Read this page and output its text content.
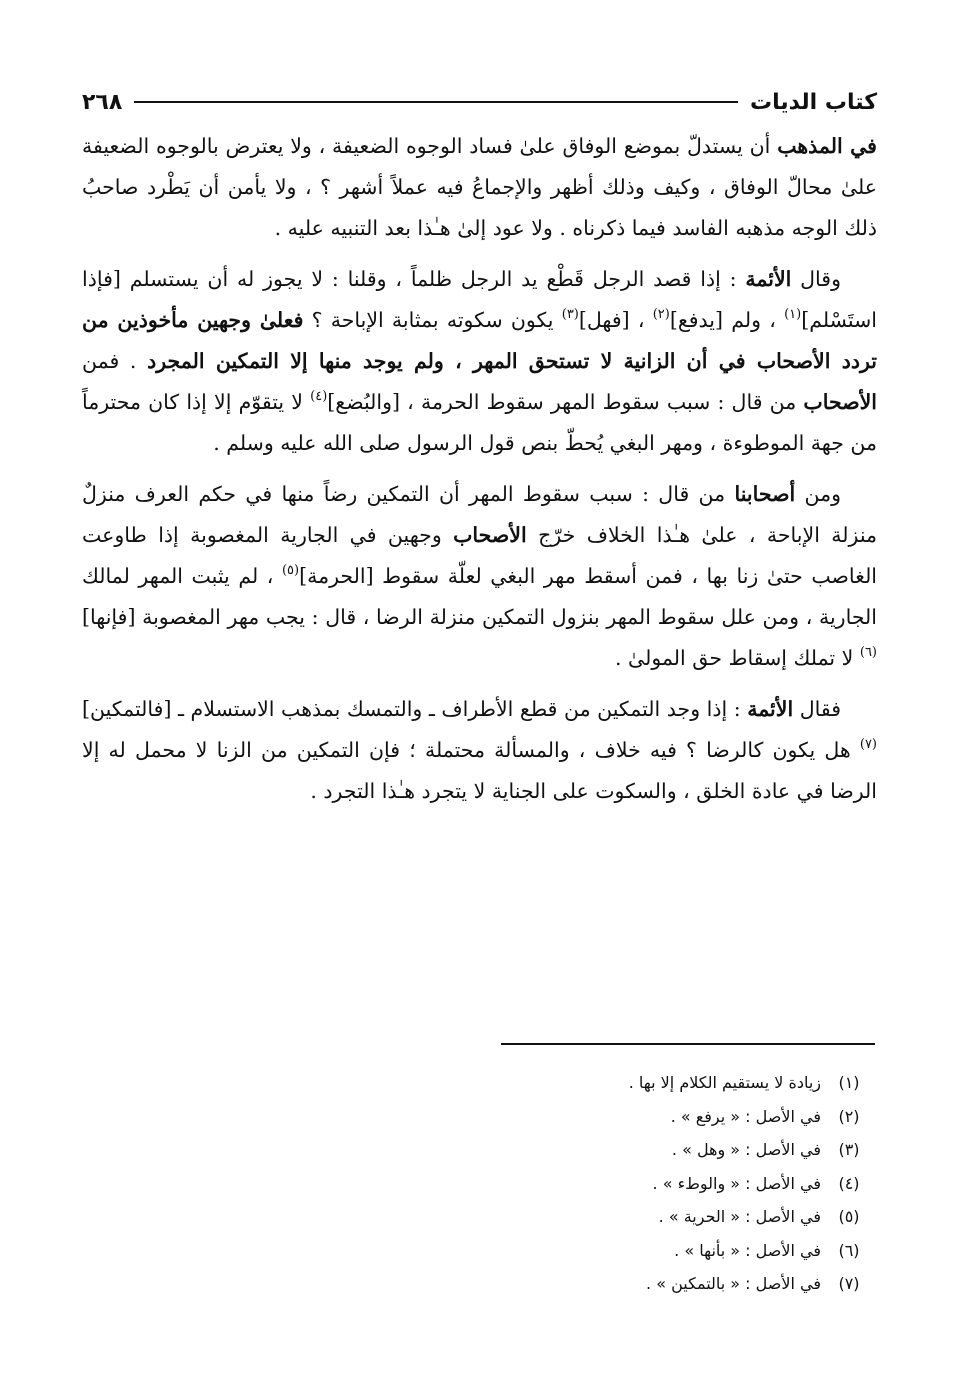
كتاب الديات
٢٦٨

في المذهب أن يستدلّ بموضع الوفاق علىٰ فساد الوجوه الضعيفة ، ولا يعترض بالوجوه الضعيفة علىٰ محالّ الوفاق ، وكيف وذلك أظهر والإجماعُ فيه عملاً أشهر ؟ ، ولا يأمن أن يَطْرد صاحبُ ذلك الوجه مذهبه الفاسد فيما ذكرناه . ولا عود إلىٰ هـٰذا بعد التنبيه عليه .

وقال الأئمة : إذا قصد الرجل قَطْع يد الرجل ظلماً ، وقلنا : لا يجوز له أن يستسلم [فإذا استَسْلم]$^{(١)}$ ، ولم [يدفع]$^{(٢)}$ ، [فهل]$^{(٣)}$ يكون سكوته بمثابة الإباحة ؟ فعلىٰ وجهين مأخوذين من تردد الأصحاب في أن الزانية لا تستحق المهر ، ولم يوجد منها إلا التمكين المجرد . فمن الأصحاب من قال : سبب سقوط المهر سقوط الحرمة ، [والبُضع]$^{(٤)}$ لا يتقوّم إلا إذا كان محترماً من جهة الموطوءة ، ومهر البغي يُحطّ بنص قول الرسول صلى الله عليه وسلم .

ومن أصحابنا من قال : سبب سقوط المهر أن التمكين رضاً منها في حكم العرف منزلٌ منزلة الإباحة ، علىٰ هـٰذا الخلاف خرّج الأصحاب وجهين في الجارية المغصوبة إذا طاوعت الغاصب حتىٰ زنا بها ، فمن أسقط مهر البغي لعلّة سقوط [الحرمة]$^{(٥)}$ ، لم يثبت المهر لمالك الجارية ، ومن علل سقوط المهر بنزول التمكين منزلة الرضا ، قال : يجب مهر المغصوبة [فإنها]$^{(٦)}$ لا تملك إسقاط حق المولىٰ .

فقال الأئمة : إذا وجد التمكين من قطع الأطراف ـ والتمسك بمذهب الاستسلام ـ [فالتمكين]$^{(٧)}$ هل يكون كالرضا ؟ فيه خلاف ، والمسألة محتملة ؛ فإن التمكين من الزنا لا محمل له إلا الرضا في عادة الخلق ، والسكوت على الجناية لا يتجرد هـٰذا التجرد .

(١)
زيادة لا يستقيم الكلام إلا بها .
(٢)
في الأصل : « يرفع » .
(٣)
في الأصل : « وهل » .
(٤)
في الأصل : « والوطء » .
(٥)
في الأصل : « الحرية » .
(٦)
في الأصل : « بأنها » .
(٧)
في الأصل : « بالتمكين » .
